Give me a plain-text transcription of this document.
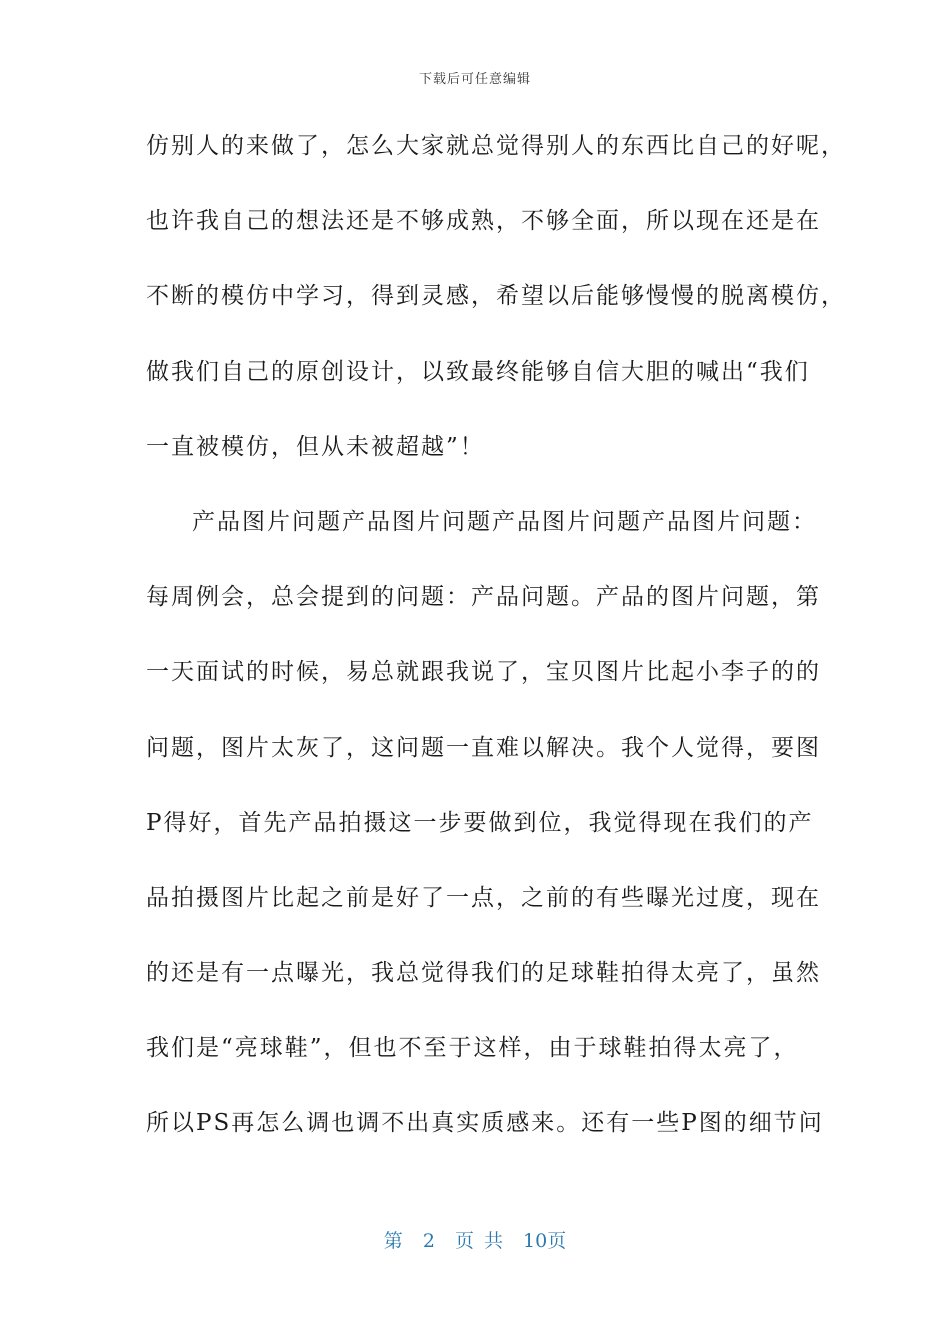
下载后可任意编辑
仿别人的来做了，怎么大家就总觉得别人的东西比自己的好呢，
也许我自己的想法还是不够成熟，不够全面，所以现在还是在
不断的模仿中学习，得到灵感，希望以后能够慢慢的脱离模仿，
做我们自己的原创设计，以致最终能够自信大胆的喊出“我们
一直被模仿，但从未被超越”！
产品图片问题产品图片问题产品图片问题产品图片问题：
每周例会，总会提到的问题：产品问题。产品的图片问题，第
一天面试的时候，易总就跟我说了，宝贝图片比起小李子的的
问题，图片太灰了，这问题一直难以解决。我个人觉得，要图
P得好，首先产品拍摄这一步要做到位，我觉得现在我们的产
品拍摄图片比起之前是好了一点，之前的有些曝光过度，现在
的还是有一点曝光，我总觉得我们的足球鞋拍得太亮了，虽然
我们是“亮球鞋”，但也不至于这样，由于球鞋拍得太亮了，
所以PS再怎么调也调不出真实质感来。还有一些P图的细节问
第 2 页 共 10页
